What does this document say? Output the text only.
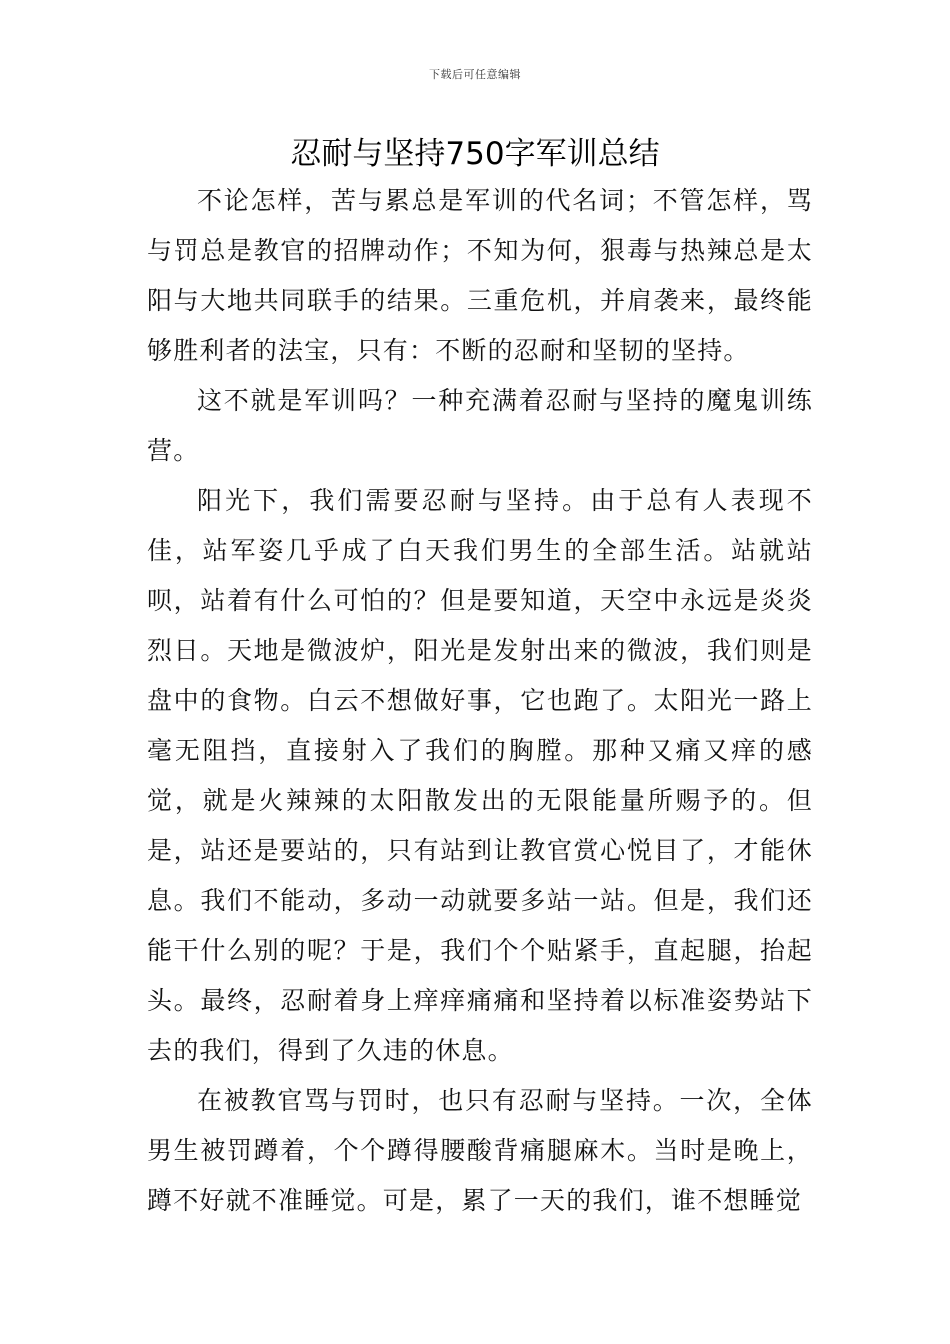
下载后可任意编辑
忍耐与坚持750字军训总结

不论怎样，苦与累总是军训的代名词；不管怎样，骂与罚总是教官的招牌动作；不知为何，狠毒与热辣总是太阳与大地共同联手的结果。三重危机，并肩袭来，最终能够胜利者的法宝，只有：不断的忍耐和坚韧的坚持。

这不就是军训吗？一种充满着忍耐与坚持的魔鬼训练营。

阳光下，我们需要忍耐与坚持。由于总有人表现不佳，站军姿几乎成了白天我们男生的全部生活。站就站呗，站着有什么可怕的？但是要知道，天空中永远是炎炎烈日。天地是微波炉，阳光是发射出来的微波，我们则是盘中的食物。白云不想做好事，它也跑了。太阳光一路上毫无阻挡，直接射入了我们的胸膛。那种又痛又痒的感觉，就是火辣辣的太阳散发出的无限能量所赐予的。但是，站还是要站的，只有站到让教官赏心悦目了，才能休息。我们不能动，多动一动就要多站一站。但是，我们还能干什么别的呢？于是，我们个个贴紧手，直起腿，抬起头。最终，忍耐着身上痒痒痛痛和坚持着以标准姿势站下去的我们，得到了久违的休息。

在被教官骂与罚时，也只有忍耐与坚持。一次，全体男生被罚蹲着，个个蹲得腰酸背痛腿麻木。当时是晚上，蹲不好就不准睡觉。可是，累了一天的我们，谁不想睡觉
